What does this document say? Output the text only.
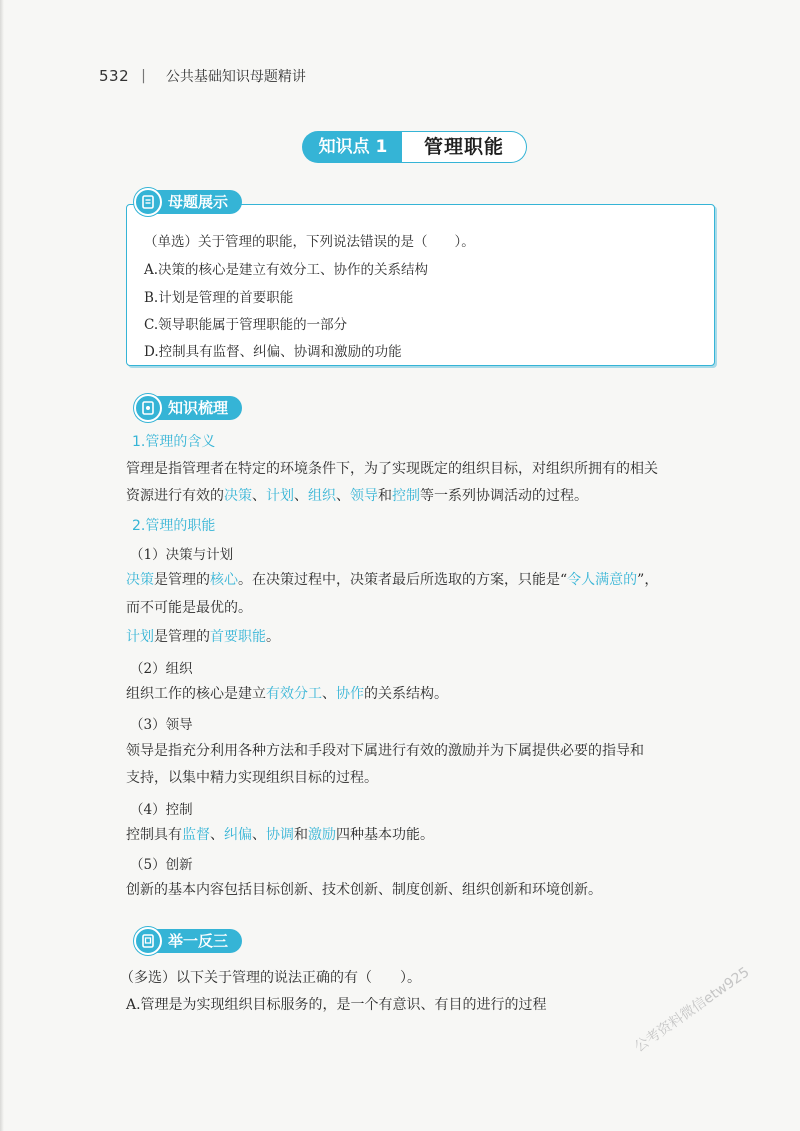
532 | 公共基础知识母题精讲
知识点 1	管理职能
母题展示
（单选）关于管理的职能，下列说法错误的是（　　）。
A.决策的核心是建立有效分工、协作的关系结构
B.计划是管理的首要职能
C.领导职能属于管理职能的一部分
D.控制具有监督、纠偏、协调和激励的功能
知识梳理
1.管理的含义
管理是指管理者在特定的环境条件下，为了实现既定的组织目标，对组织所拥有的相关
资源进行有效的决策、计划、组织、领导和控制等一系列协调活动的过程。
2.管理的职能
（1）决策与计划
决策是管理的核心。在决策过程中，决策者最后所选取的方案，只能是“令人满意的”，
而不可能是最优的。
计划是管理的首要职能。
（2）组织
组织工作的核心是建立有效分工、协作的关系结构。
（3）领导
领导是指充分利用各种方法和手段对下属进行有效的激励并为下属提供必要的指导和
支持，以集中精力实现组织目标的过程。
（4）控制
控制具有监督、纠偏、协调和激励四种基本功能。
（5）创新
创新的基本内容包括目标创新、技术创新、制度创新、组织创新和环境创新。
举一反三
（多选）以下关于管理的说法正确的有（　　）。
A.管理是为实现组织目标服务的，是一个有意识、有目的进行的过程	公考资料微信etw925
